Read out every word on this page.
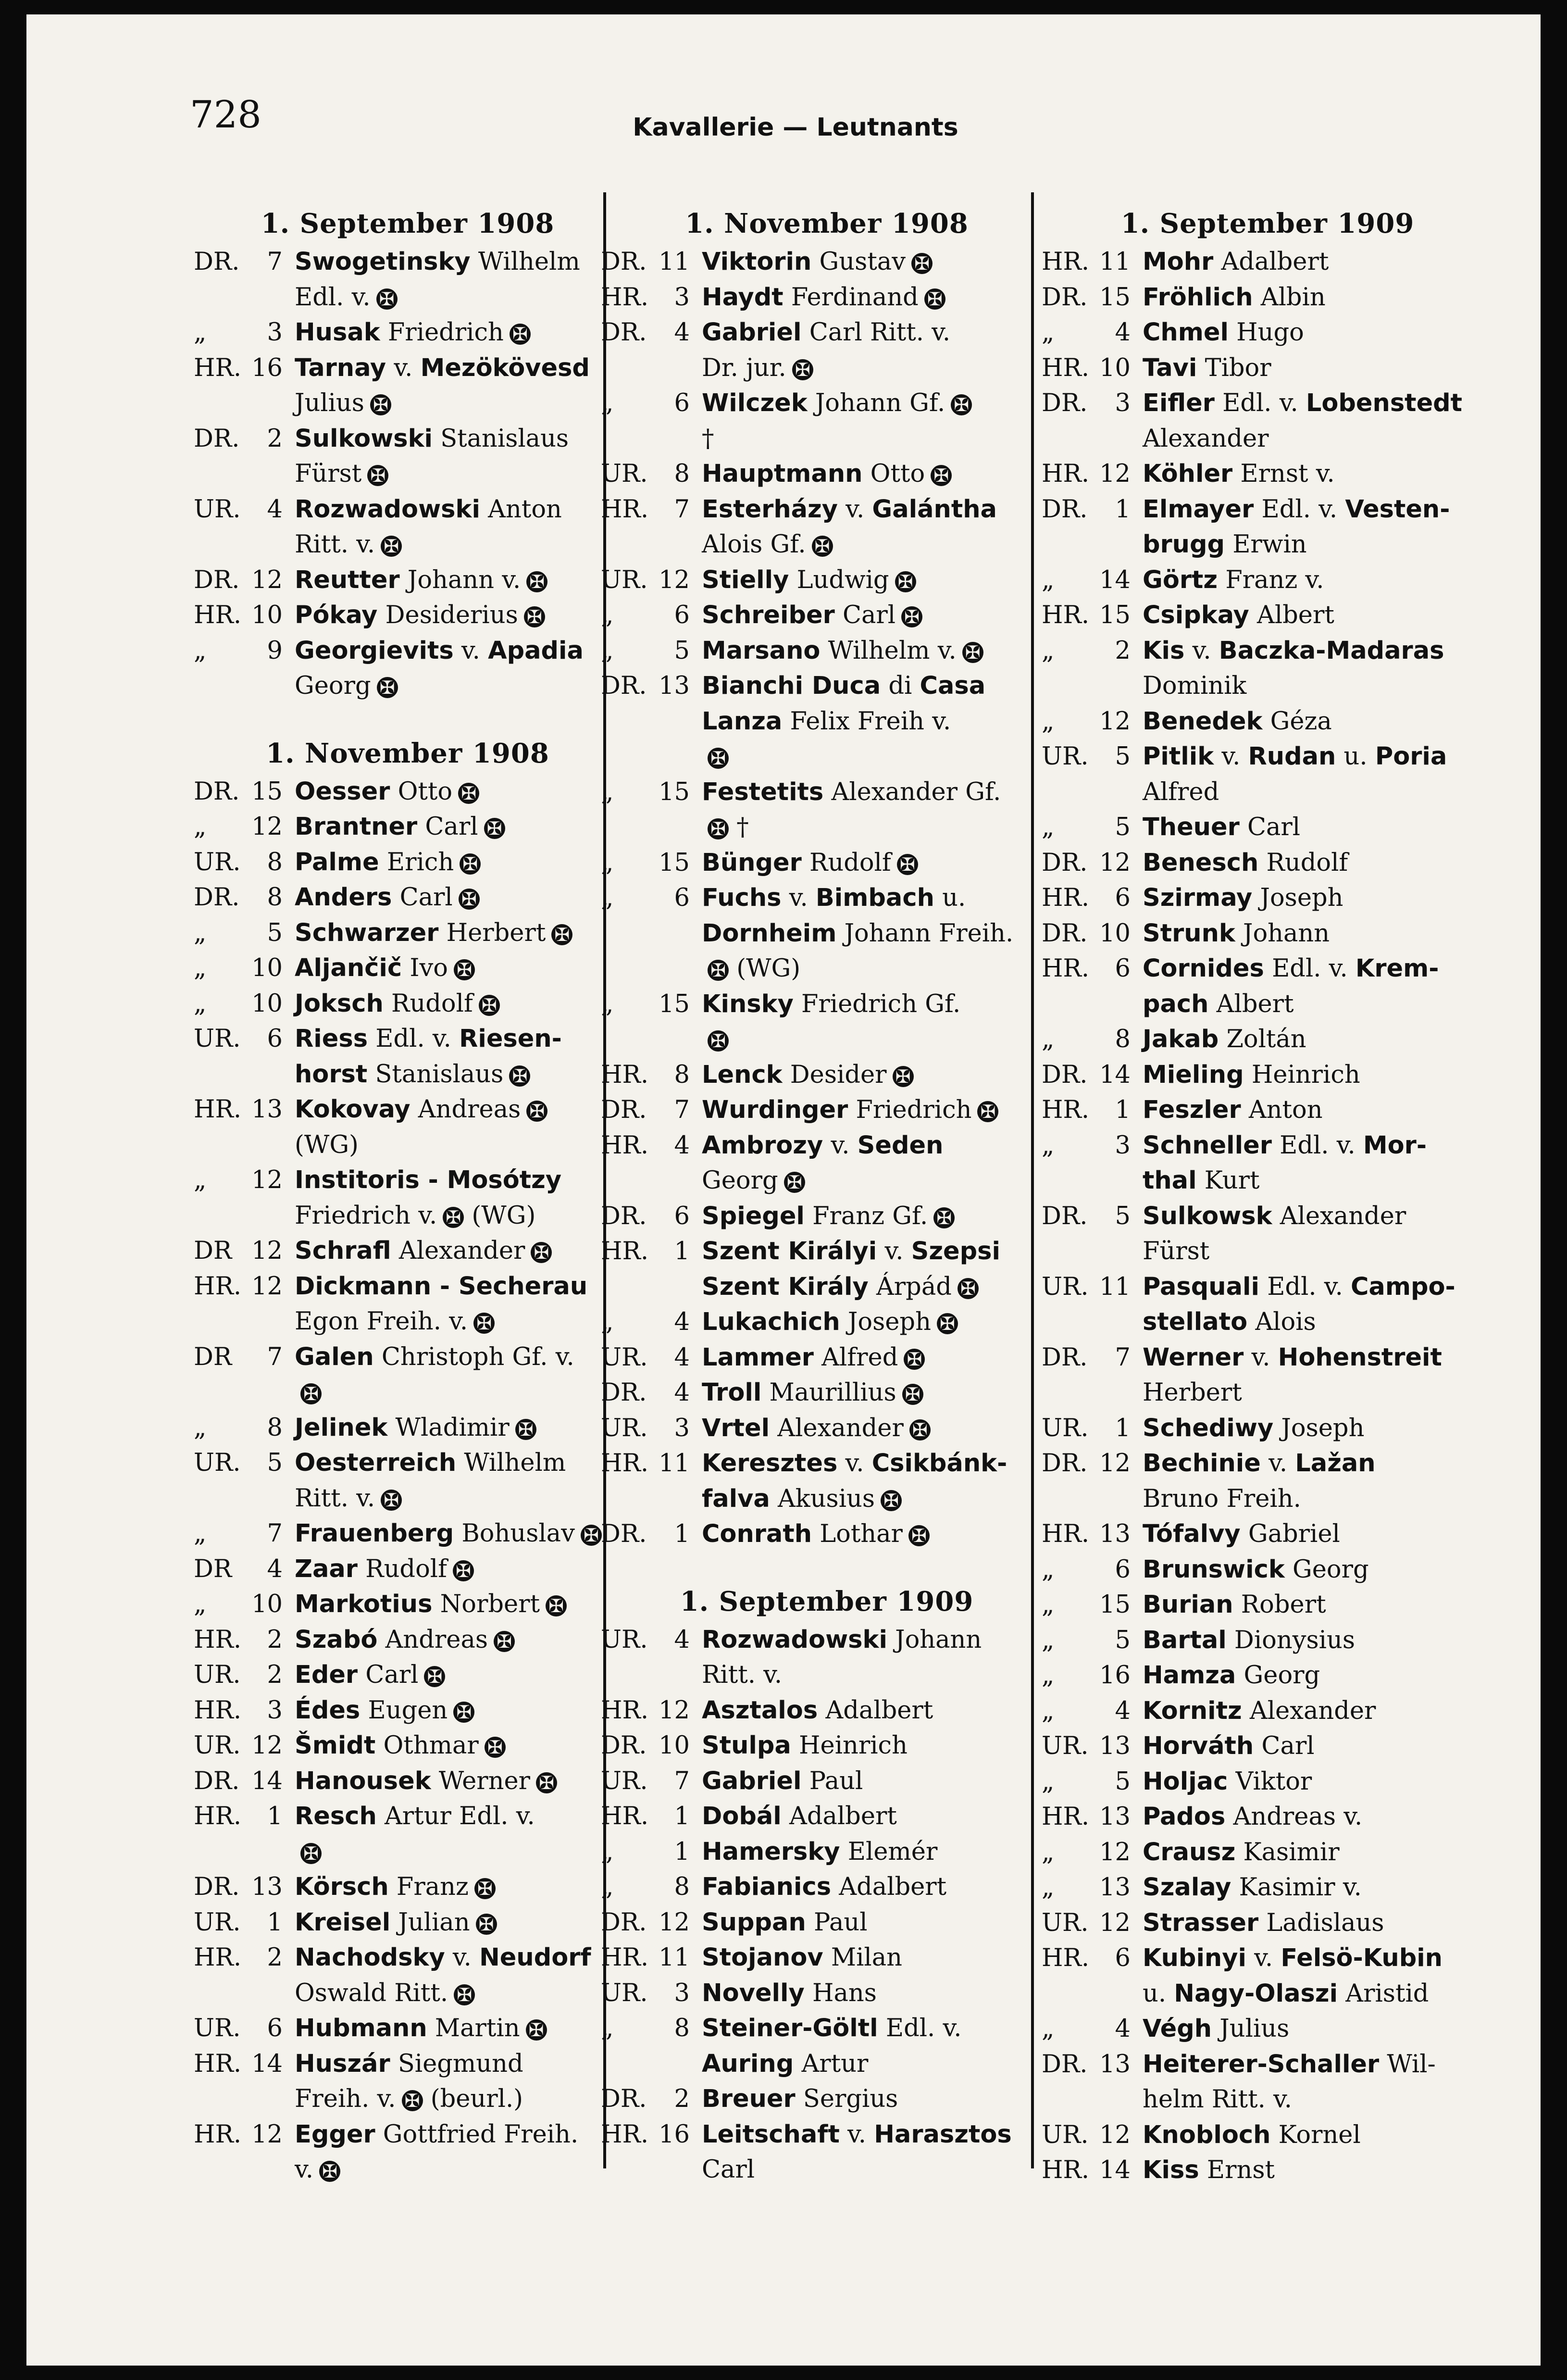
728	Kavallerie — Leutnants
1. September 1908
DR.	7 Swogetinsky Wilhelm
Edl. v. ✠
„	3 Husak Friedrich ✠
HR. 16 Tarnay v. Mezökövesd
Julius ✠
DR.	2 Sulkowski Stanislaus
Fürst ✠
UR.	4 Rozwadowski Anton
Ritt. v. ✠
DR. 12 Reutter Johann v. ✠
HR. 10 Pókay Desiderius ✠
„	9 Georgievits v. Apadia
Georg ✠
1. November 1908
DR. 15 Oesser Otto ✠
„	12 Brantner Carl ✠
UR.	8 Palme Erich ✠
DR.	8 Anders Carl ✠
„	5 Schwarzer Herbert ✠
„	10 Aljančič Ivo ✠
„	10 Joksch Rudolf ✠
UR.	6 Riess Edl. v. Riesen-
horst Stanislaus ✠
HR. 13 Kokovay Andreas ✠
(WG)
„	12 Institoris - Mosótzy
Friedrich v. ✠ (WG)
DR 12 Schrafl Alexander ✠
HR. 12 Dickmann - Secherau
Egon Freih. v. ✠
DR	7 Galen Christoph Gf. v.
✠
„	8 Jelinek Wladimir ✠
UR.	5 Oesterreich Wilhelm
Ritt. v. ✠
„	7 Frauenberg Bohuslav ✠
DR	4 Zaar Rudolf ✠
„	10 Markotius Norbert ✠
HR.	2 Szabó Andreas ✠
UR.	2 Eder Carl ✠
HR.	3 Édes Eugen ✠
UR. 12 Šmidt Othmar ✠
DR. 14 Hanousek Werner ✠
HR.	1 Resch Artur Edl. v.
✠
DR. 13 Körsch Franz ✠
UR.	1 Kreisel Julian ✠
HR.	2 Nachodsky v. Neudorf
Oswald Ritt. ✠
UR.	6 Hubmann Martin ✠
HR. 14 Huszár Siegmund
Freih. v. ✠ (beurl.)
HR. 12 Egger Gottfried Freih.
v. ✠
1. November 1908
DR. 11 Viktorin Gustav ✠
HR.	3 Haydt Ferdinand ✠
DR.	4 Gabriel Carl Ritt. v.
Dr. jur. ✠
„	6 Wilczek Johann Gf. ✠
†
UR.	8 Hauptmann Otto ✠
HR.	7 Esterházy v. Galántha
Alois Gf. ✠
UR. 12 Stielly Ludwig ✠
„	6 Schreiber Carl ✠
„	5 Marsano Wilhelm v. ✠
DR. 13 Bianchi Duca di Casa
Lanza Felix Freih v.
✠
„	15 Festetits Alexander Gf.
✠ †
„	15 Bünger Rudolf ✠
„	6 Fuchs v. Bimbach u.
Dornheim Johann Freih.
✠ (WG)
„	15 Kinsky Friedrich Gf.
✠
HR.	8 Lenck Desider ✠
DR.	7 Wurdinger Friedrich ✠
HR.	4 Ambrozy v. Seden
Georg ✠
DR.	6 Spiegel Franz Gf. ✠
HR.	1 Szent Királyi v. Szepsi
Szent Király Árpád ✠
„	4 Lukachich Joseph ✠
UR.	4 Lammer Alfred ✠
DR.	4 Troll Maurillius ✠
UR.	3 Vrtel Alexander ✠
HR. 11 Keresztes v. Csikbánk-
falva Akusius ✠
DR.	1 Conrath Lothar ✠
1. September 1909
UR.	4 Rozwadowski Johann
Ritt. v.
HR. 12 Asztalos Adalbert
DR. 10 Stulpa Heinrich
UR.	7 Gabriel Paul
HR.	1 Dobál Adalbert
„	1 Hamersky Elemér
„	8 Fabianics Adalbert
DR. 12 Suppan Paul
HR. 11 Stojanov Milan
UR.	3 Novelly Hans
„	8 Steiner-Göltl Edl. v.
Auring Artur
DR.	2 Breuer Sergius
HR. 16 Leitschaft v. Harasztos
Carl
1. September 1909
HR. 11 Mohr Adalbert
DR. 15 Fröhlich Albin
„	4 Chmel Hugo
HR. 10 Tavi Tibor
DR.	3 Eifler Edl. v. Lobenstedt
Alexander
HR. 12 Köhler Ernst v.
DR.	1 Elmayer Edl. v. Vesten-
brugg Erwin
„	14 Görtz Franz v.
HR. 15 Csipkay Albert
„	2 Kis v. Baczka-Madaras
Dominik
„	12 Benedek Géza
UR.	5 Pitlik v. Rudan u. Poria
Alfred
„	5 Theuer Carl
DR. 12 Benesch Rudolf
HR.	6 Szirmay Joseph
DR. 10 Strunk Johann
HR.	6 Cornides Edl. v. Krem-
pach Albert
„	8 Jakab Zoltán
DR. 14 Mieling Heinrich
HR.	1 Feszler Anton
„	3 Schneller Edl. v. Mor-
thal Kurt
DR.	5 Sulkowsk Alexander
Fürst
UR. 11 Pasquali Edl. v. Campo-
stellato Alois
DR.	7 Werner v. Hohenstreit
Herbert
UR.	1 Schediwy Joseph
DR. 12 Bechinie v. Lažan
Bruno Freih.
HR. 13 Tófalvy Gabriel
„	6 Brunswick Georg
„	15 Burian Robert
„	5 Bartal Dionysius
„	16 Hamza Georg
„	4 Kornitz Alexander
UR. 13 Horváth Carl
„	5 Holjac Viktor
HR. 13 Pados Andreas v.
„	12 Crausz Kasimir
„	13 Szalay Kasimir v.
UR. 12 Strasser Ladislaus
HR.	6 Kubinyi v. Felsö-Kubin
u. Nagy-Olaszi Aristid
„	4 Végh Julius
DR. 13 Heiterer-Schaller Wil-
helm Ritt. v.
UR. 12 Knobloch Kornel
HR. 14 Kiss Ernst
